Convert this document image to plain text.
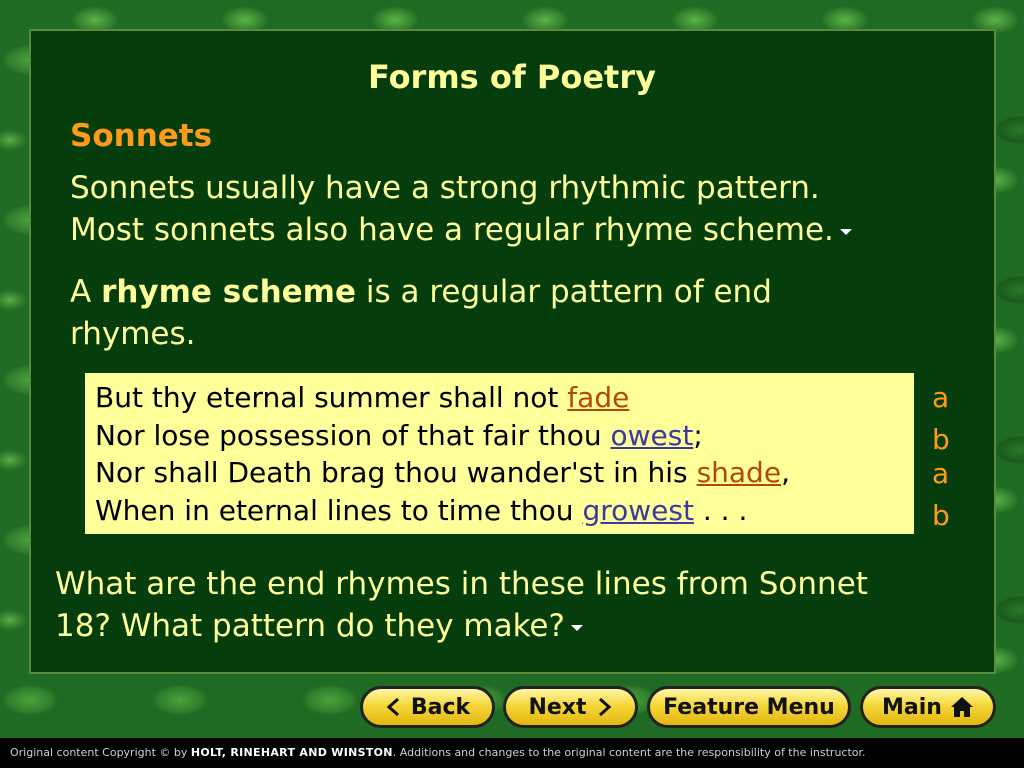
Forms of Poetry
Sonnets
Sonnets usually have a strong rhythmic pattern.
Most sonnets also have a regular rhyme scheme.
A rhyme scheme is a regular pattern of end
rhymes.
But thy eternal summer shall not fade
Nor lose possession of that fair thou owest;
Nor shall Death brag thou wander'st in his shade,
When in eternal lines to time thou growest . . .
a
b
a
b
What are the end rhymes in these lines from Sonnet
18? What pattern do they make?
Back	Next	Feature Menu Main
Original content Copyright © by HOLT, RINEHART AND WINSTON. Additions and changes to the original content are the responsibility of the instructor.
